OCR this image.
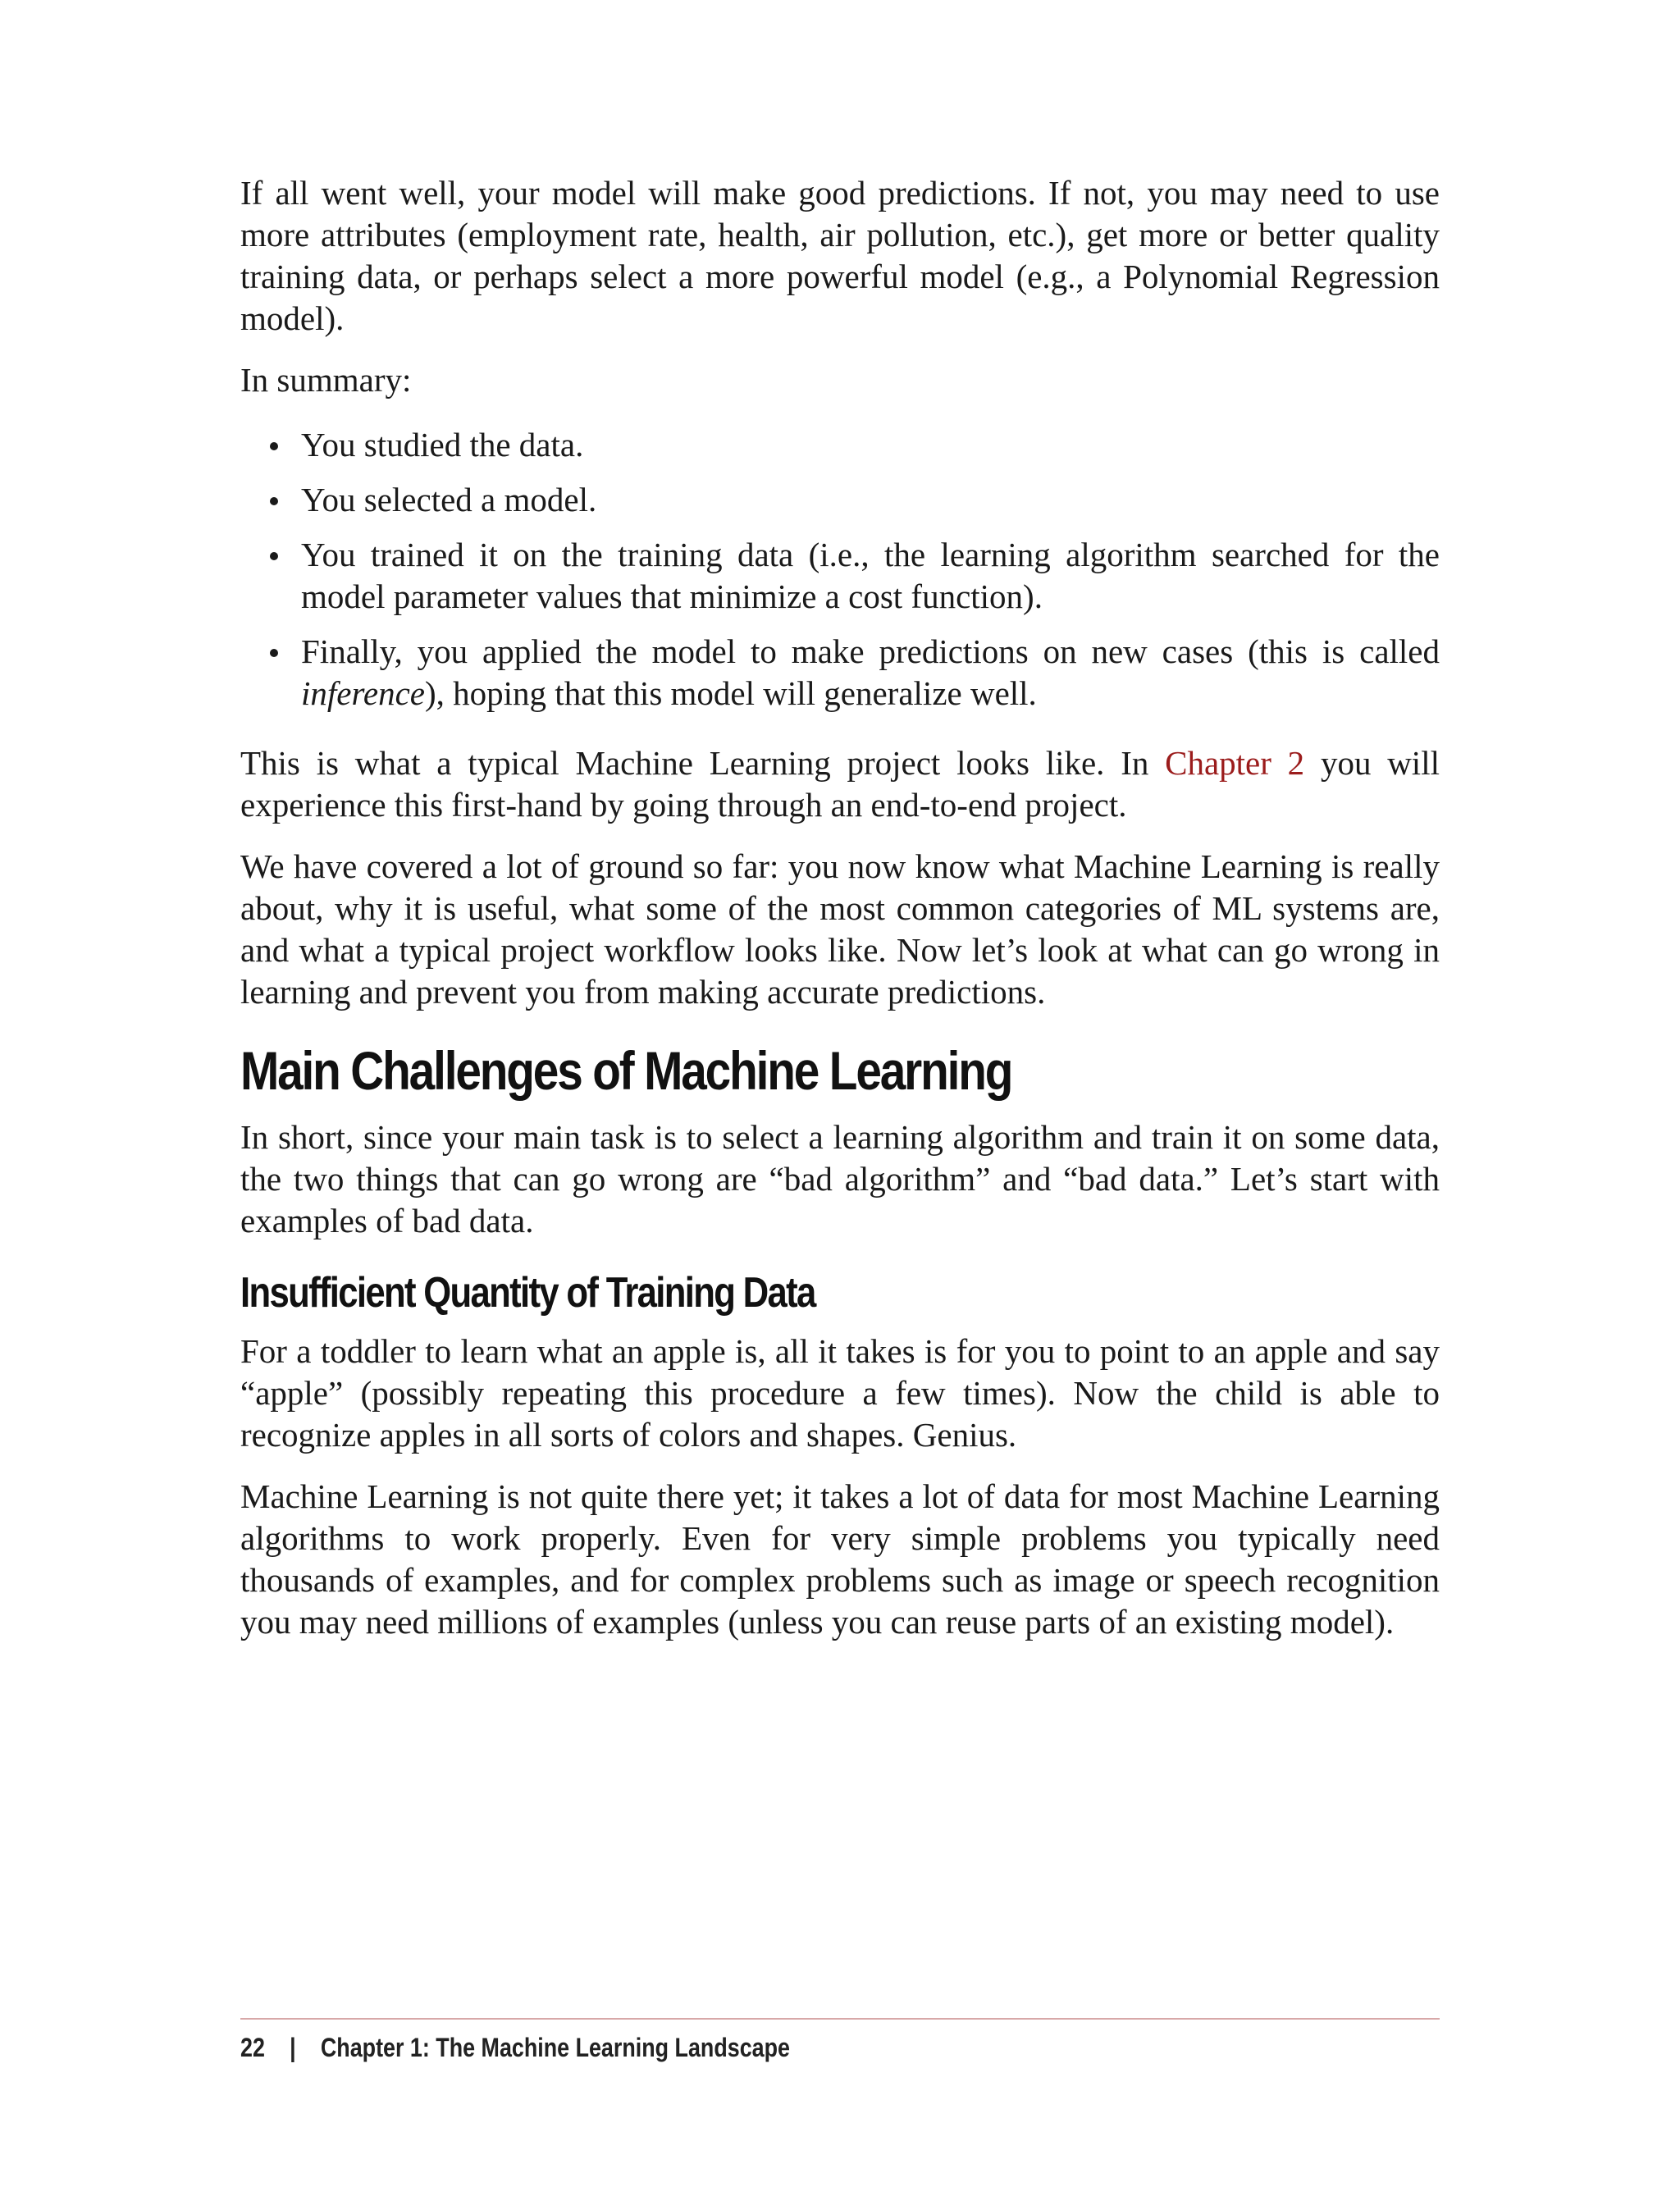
If all went well, your model will make good predictions. If not, you may need to use more attributes (employment rate, health, air pollution, etc.), get more or better quality training data, or perhaps select a more powerful model (e.g., a Polynomial Regression model).

In summary:

You studied the data.
You selected a model.
You trained it on the training data (i.e., the learning algorithm searched for the model parameter values that minimize a cost function).
Finally, you applied the model to make predictions on new cases (this is called inference), hoping that this model will generalize well.

This is what a typical Machine Learning project looks like. In Chapter 2 you will experience this first-hand by going through an end-to-end project.

We have covered a lot of ground so far: you now know what Machine Learning is really about, why it is useful, what some of the most common categories of ML systems are, and what a typical project workflow looks like. Now let’s look at what can go wrong in learning and prevent you from making accurate predictions.

Main Challenges of Machine Learning

In short, since your main task is to select a learning algorithm and train it on some data, the two things that can go wrong are “bad algorithm” and “bad data.” Let’s start with examples of bad data.

Insufficient Quantity of Training Data

For a toddler to learn what an apple is, all it takes is for you to point to an apple and say “apple” (possibly repeating this procedure a few times). Now the child is able to recognize apples in all sorts of colors and shapes. Genius.

Machine Learning is not quite there yet; it takes a lot of data for most Machine Learning algorithms to work properly. Even for very simple problems you typically need thousands of examples, and for complex problems such as image or speech recognition you may need millions of examples (unless you can reuse parts of an existing model).

22 | Chapter 1: The Machine Learning Landscape
